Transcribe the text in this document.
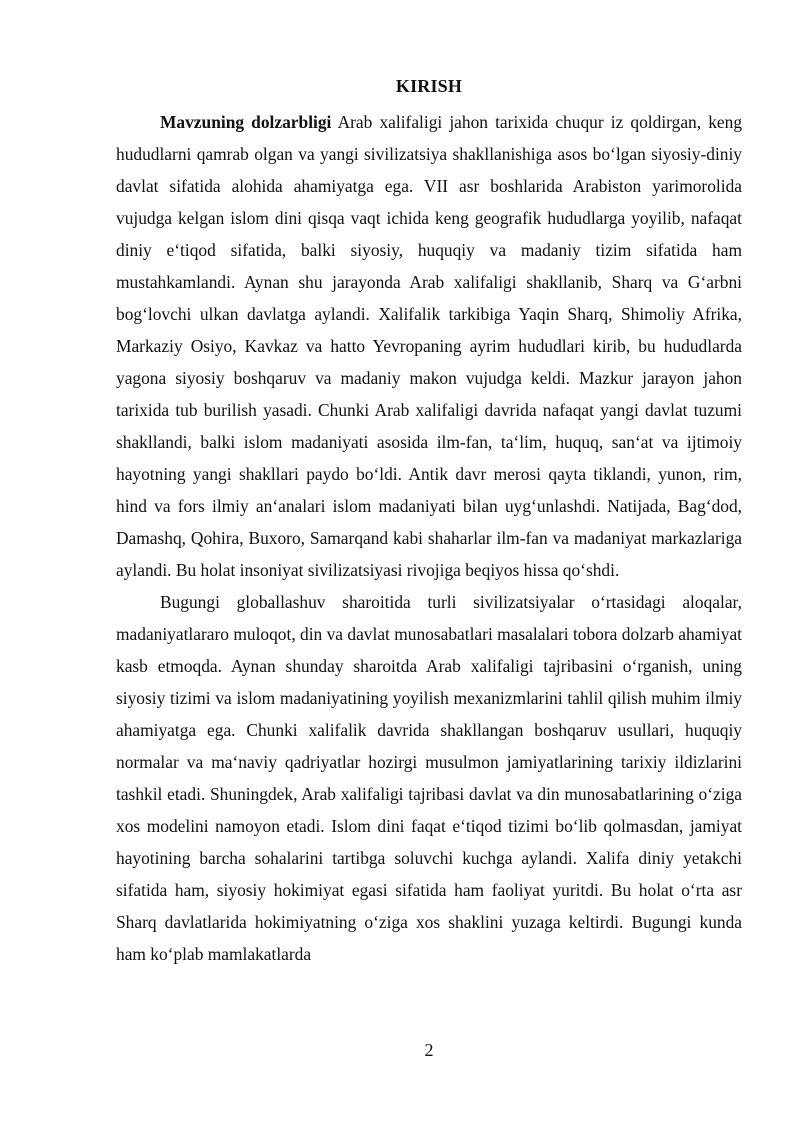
KIRISH

Mavzuning dolzarbligi Arab xalifaligi jahon tarixida chuqur iz qoldirgan, keng hududlarni qamrab olgan va yangi sivilizatsiya shakllanishiga asos bo‘lgan siyosiy-diniy davlat sifatida alohida ahamiyatga ega. VII asr boshlarida Arabiston yarimorolida vujudga kelgan islom dini qisqa vaqt ichida keng geografik hududlarga yoyilib, nafaqat diniy e‘tiqod sifatida, balki siyosiy, huquqiy va madaniy tizim sifatida ham mustahkamlandi. Aynan shu jarayonda Arab xalifaligi shakllanib, Sharq va G‘arbni bog‘lovchi ulkan davlatga aylandi. Xalifalik tarkibiga Yaqin Sharq, Shimoliy Afrika, Markaziy Osiyo, Kavkaz va hatto Yevropaning ayrim hududlari kirib, bu hududlarda yagona siyosiy boshqaruv va madaniy makon vujudga keldi. Mazkur jarayon jahon tarixida tub burilish yasadi. Chunki Arab xalifaligi davrida nafaqat yangi davlat tuzumi shakllandi, balki islom madaniyati asosida ilm-fan, ta‘lim, huquq, san‘at va ijtimoiy hayotning yangi shakllari paydo bo‘ldi. Antik davr merosi qayta tiklandi, yunon, rim, hind va fors ilmiy an‘analari islom madaniyati bilan uyg‘unlashdi. Natijada, Bag‘dod, Damashq, Qohira, Buxoro, Samarqand kabi shaharlar ilm-fan va madaniyat markazlariga aylandi. Bu holat insoniyat sivilizatsiyasi rivojiga beqiyos hissa qo‘shdi.

Bugungi globallashuv sharoitida turli sivilizatsiyalar o‘rtasidagi aloqalar, madaniyatlararo muloqot, din va davlat munosabatlari masalalari tobora dolzarb ahamiyat kasb etmoqda. Aynan shunday sharoitda Arab xalifaligi tajribasini o‘rganish, uning siyosiy tizimi va islom madaniyatining yoyilish mexanizmlarini tahlil qilish muhim ilmiy ahamiyatga ega. Chunki xalifalik davrida shakllangan boshqaruv usullari, huquqiy normalar va ma‘naviy qadriyatlar hozirgi musulmon jamiyatlarining tarixiy ildizlarini tashkil etadi. Shuningdek, Arab xalifaligi tajribasi davlat va din munosabatlarining o‘ziga xos modelini namoyon etadi. Islom dini faqat e‘tiqod tizimi bo‘lib qolmasdan, jamiyat hayotining barcha sohalarini tartibga soluvchi kuchga aylandi. Xalifa diniy yetakchi sifatida ham, siyosiy hokimiyat egasi sifatida ham faoliyat yuritdi. Bu holat o‘rta asr Sharq davlatlarida hokimiyatning o‘ziga xos shaklini yuzaga keltirdi. Bugungi kunda ham ko‘plab mamlakatlarda

2
